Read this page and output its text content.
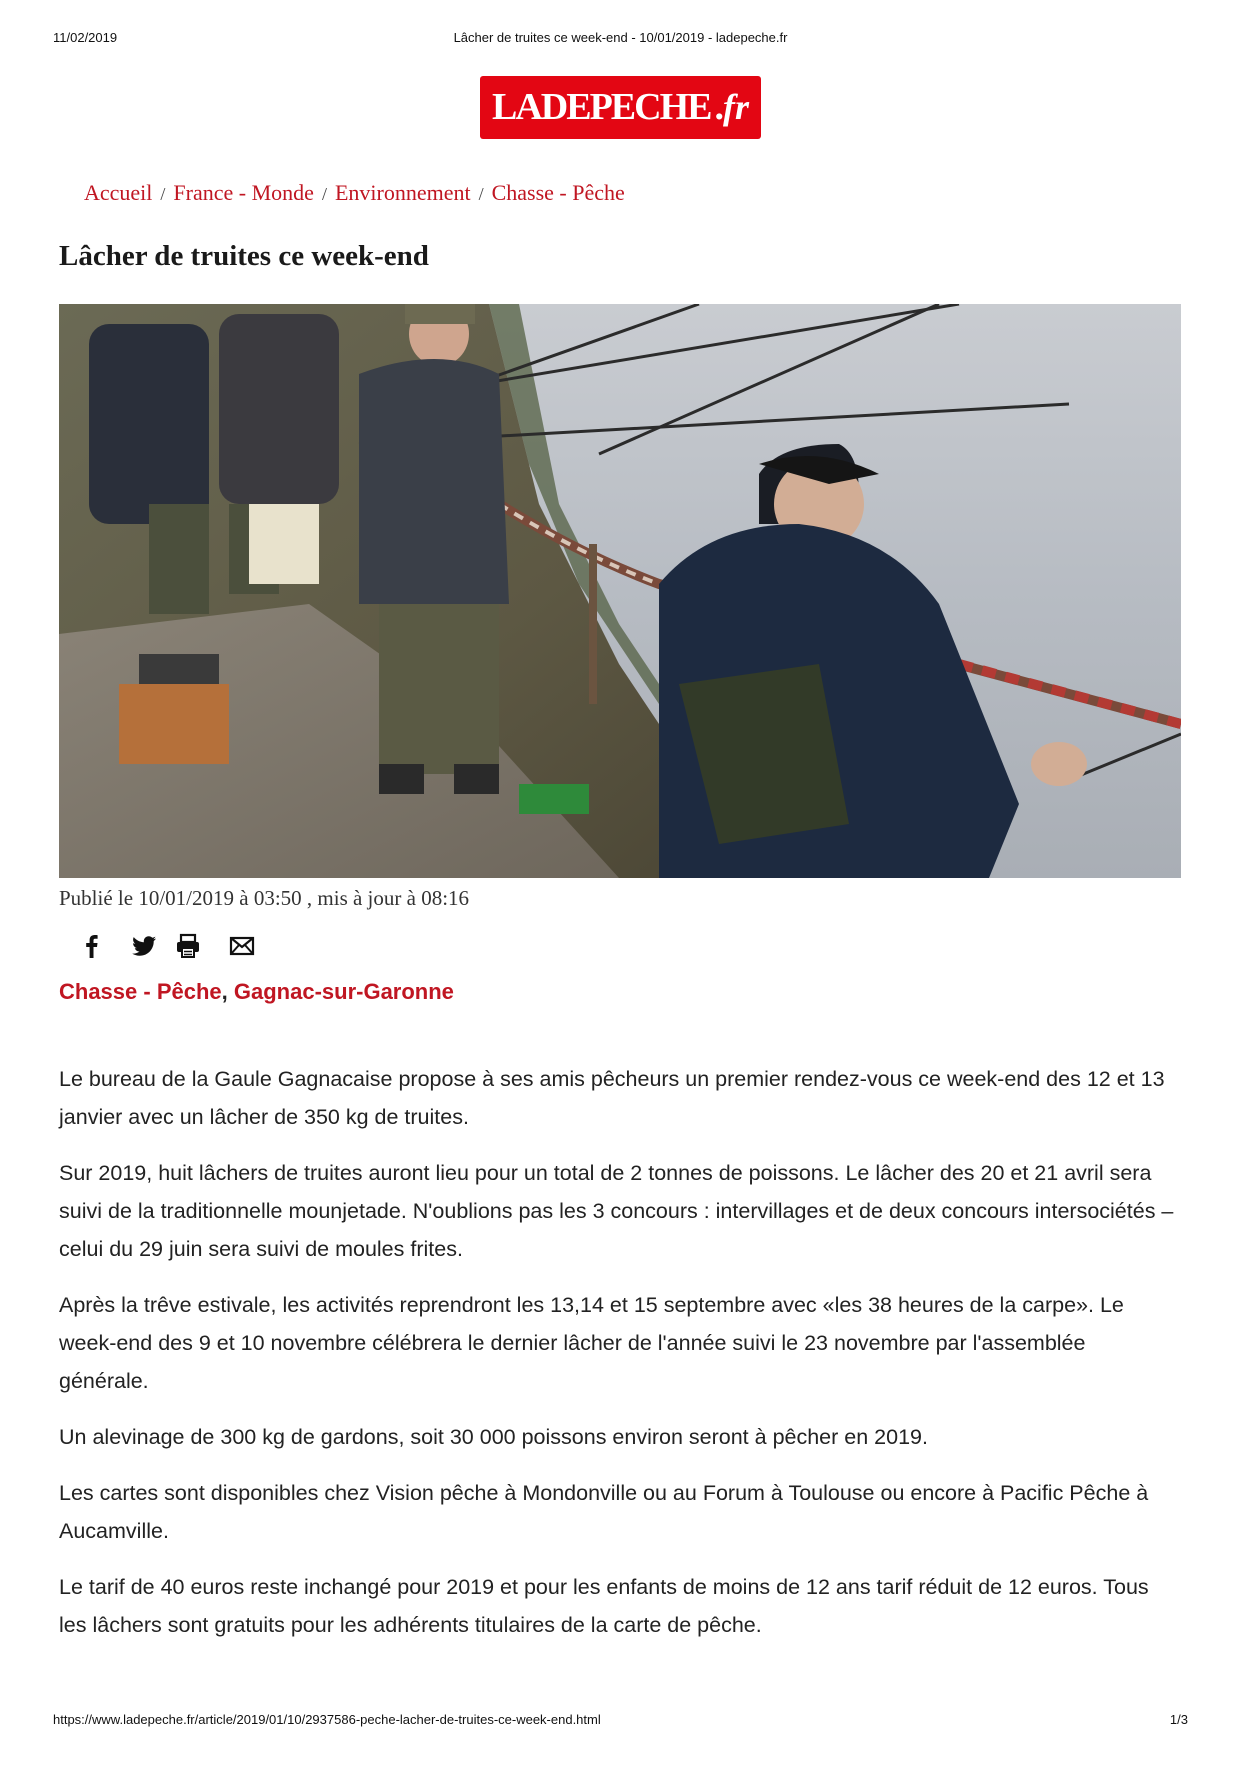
11/02/2019	Lâcher de truites ce week-end - 10/01/2019 - ladepeche.fr
LADEPECHE .fr
Accueil / France - Monde / Environnement / Chasse - Pêche
Lâcher de truites ce week-end
Publié le 10/01/2019 à 03:50 , mis à jour à 08:16
Chasse - Pêche, Gagnac-sur-Garonne

Le bureau de la Gaule Gagnacaise propose à ses amis pêcheurs un premier rendez-vous ce week-end des 12 et 13 janvier avec un lâcher de 350 kg de truites.

Sur 2019, huit lâchers de truites auront lieu pour un total de 2 tonnes de poissons. Le lâcher des 20 et 21 avril sera suivi de la traditionnelle mounjetade. N'oublions pas les 3 concours : intervillages et de deux concours intersociétés – celui du 29 juin sera suivi de moules frites.

Après la trêve estivale, les activités reprendront les 13,14 et 15 septembre avec «les 38 heures de la carpe». Le week-end des 9 et 10 novembre célébrera le dernier lâcher de l'année suivi le 23 novembre par l'assemblée générale.

Un alevinage de 300 kg de gardons, soit 30 000 poissons environ seront à pêcher en 2019.

Les cartes sont disponibles chez Vision pêche à Mondonville ou au Forum à Toulouse ou encore à Pacific Pêche à Aucamville.

Le tarif de 40 euros reste inchangé pour 2019 et pour les enfants de moins de 12 ans tarif réduit de 12 euros. Tous les lâchers sont gratuits pour les adhérents titulaires de la carte de pêche.

https://www.ladepeche.fr/article/2019/01/10/2937586-peche-lacher-de-truites-ce-week-end.html	1/3
